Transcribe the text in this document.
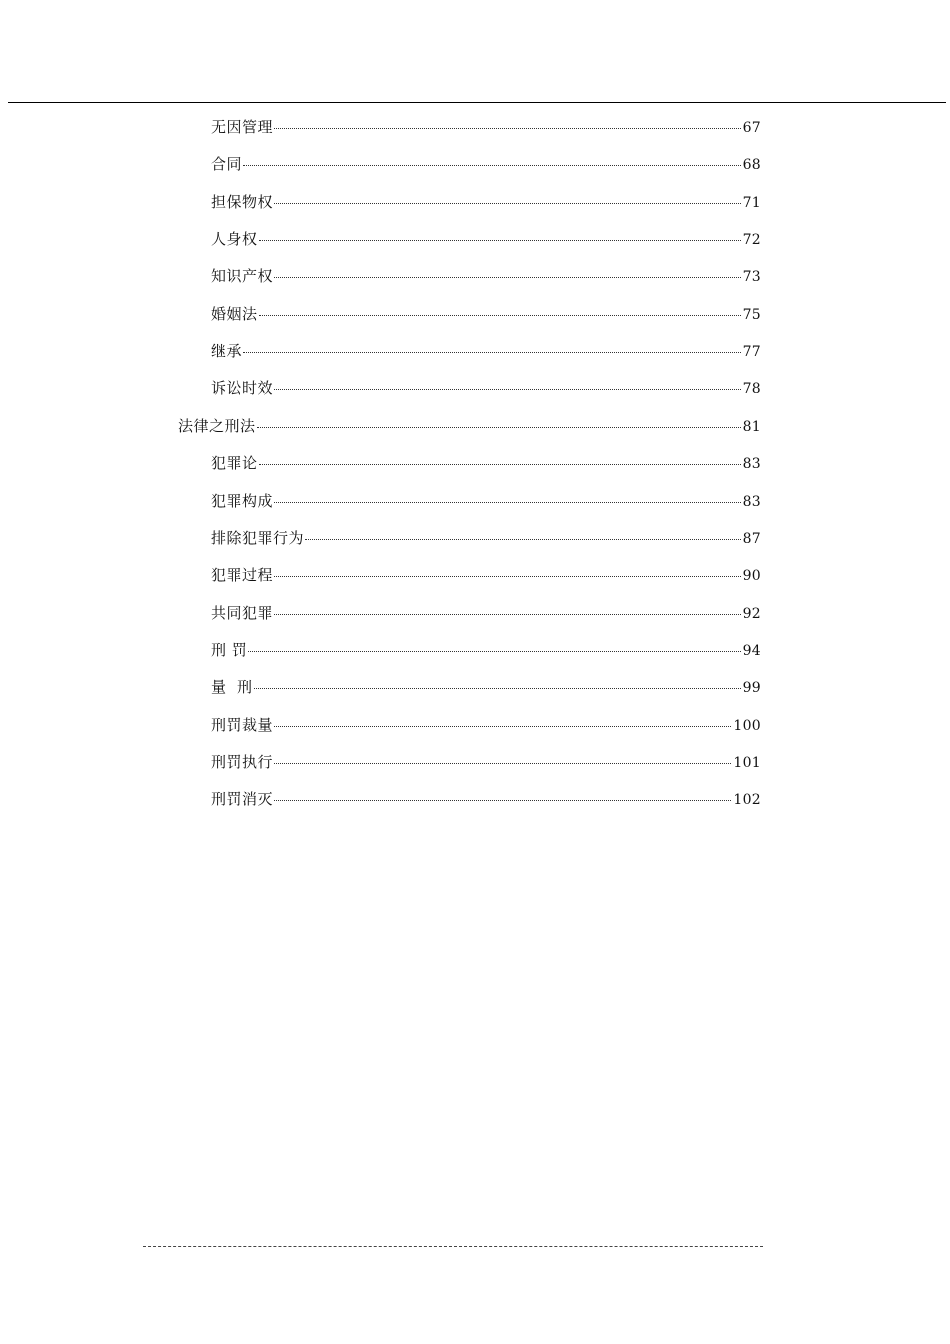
无因管理	67
合同	68
担保物权	71
人身权	72
知识产权	73
婚姻法	75
继承	77
诉讼时效	78
法律之刑法	81
犯罪论	83
犯罪构成	83
排除犯罪行为	87
犯罪过程	90
共同犯罪	92
刑 罚	94
量  刑	99
刑罚裁量	100
刑罚执行	101
刑罚消灭	102
